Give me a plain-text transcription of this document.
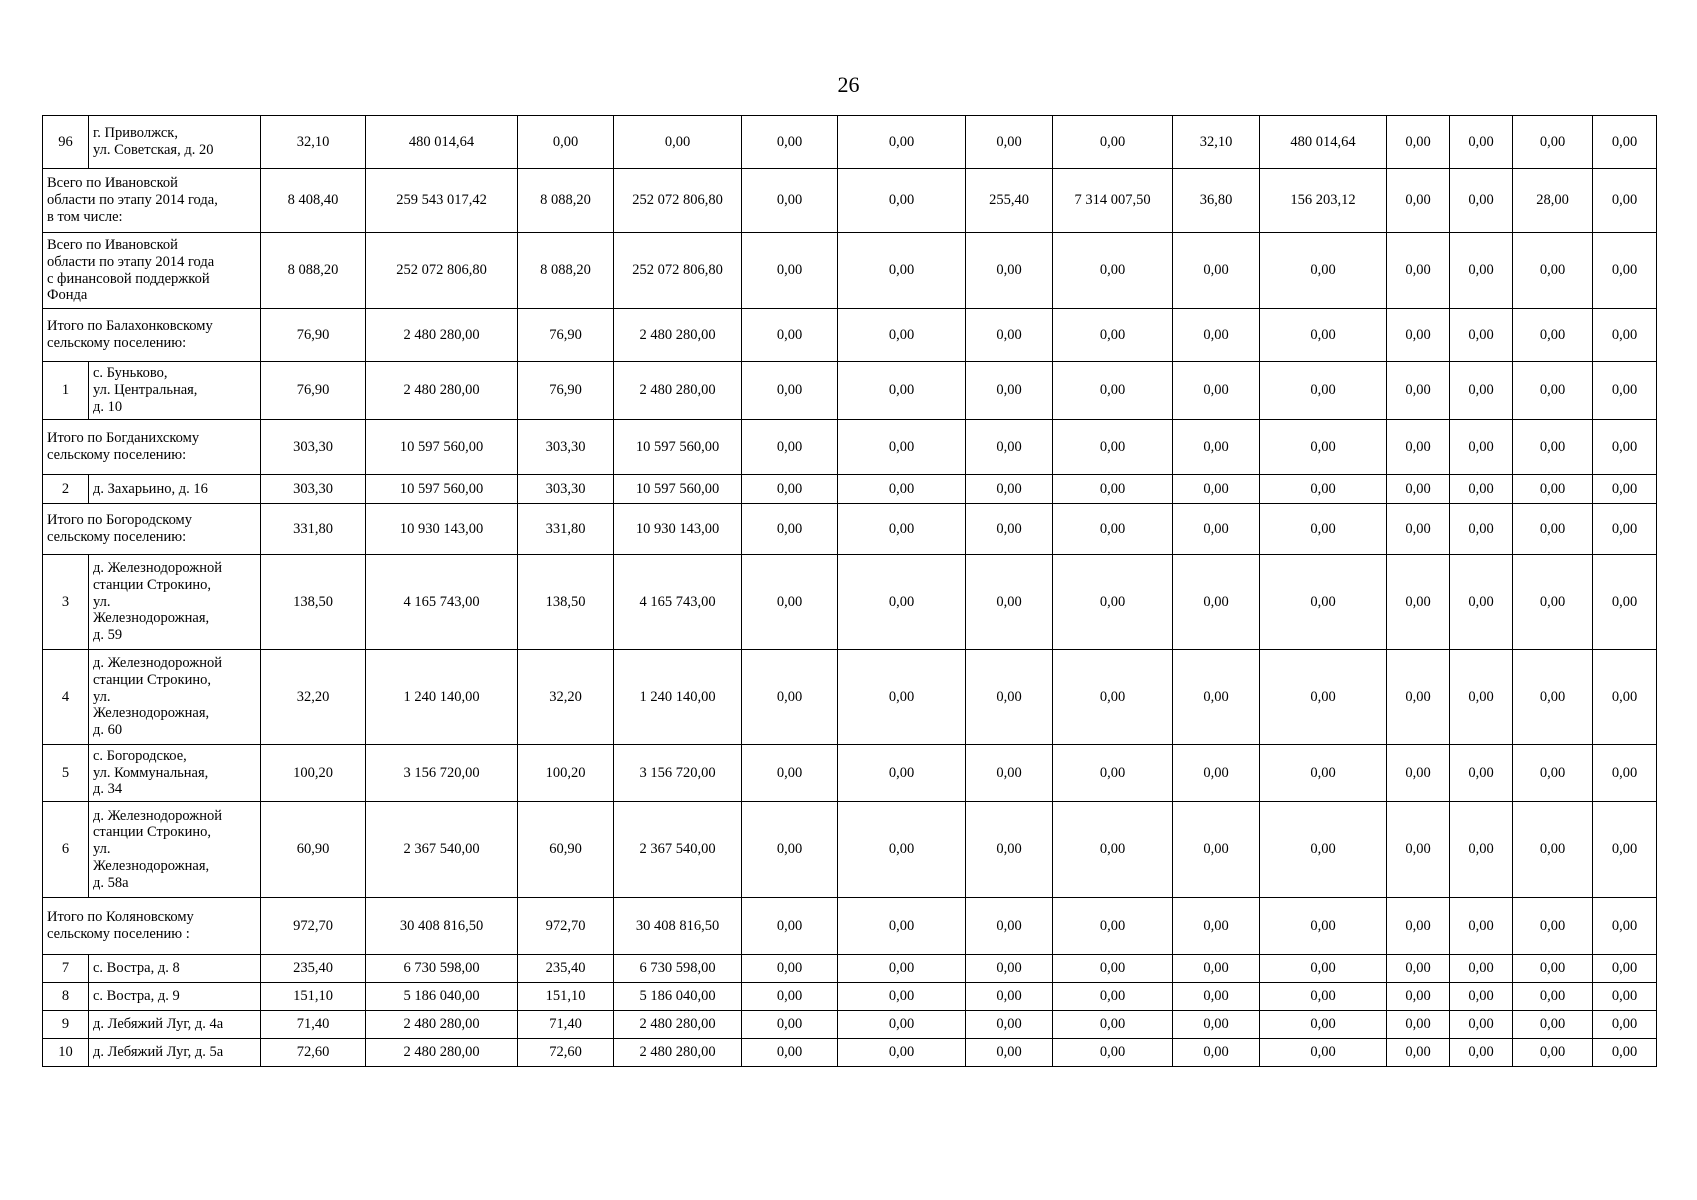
26
96	г. Приволжск,
ул. Советская, д. 20	32,10	480 014,64	0,00	0,00	0,00	0,00	0,00	0,00	32,10	480 014,64	0,00	0,00	0,00	0,00
Всего по Ивановской
области по этапу 2014 года,
в том числе:		8 408,40	259 543 017,42	8 088,20	252 072 806,80	0,00	0,00	255,40	7 314 007,50	36,80	156 203,12	0,00	0,00	28,00	0,00
Всего по Ивановской
области по этапу 2014 года
с финансовой поддержкой
Фонда		8 088,20	252 072 806,80	8 088,20	252 072 806,80	0,00	0,00	0,00	0,00	0,00	0,00	0,00	0,00	0,00	0,00
Итого по Балахонковскому
сельскому поселению:		76,90	2 480 280,00	76,90	2 480 280,00	0,00	0,00	0,00	0,00	0,00	0,00	0,00	0,00	0,00	0,00
1	с. Буньково,
ул. Центральная,
д. 10	76,90	2 480 280,00	76,90	2 480 280,00	0,00	0,00	0,00	0,00	0,00	0,00	0,00	0,00	0,00	0,00
Итого по Богданихскому
сельскому поселению:		303,30	10 597 560,00	303,30	10 597 560,00	0,00	0,00	0,00	0,00	0,00	0,00	0,00	0,00	0,00	0,00
2	д. Захарьино, д. 16	303,30	10 597 560,00	303,30	10 597 560,00	0,00	0,00	0,00	0,00	0,00	0,00	0,00	0,00	0,00	0,00
Итого по Богородскому
сельскому поселению:		331,80	10 930 143,00	331,80	10 930 143,00	0,00	0,00	0,00	0,00	0,00	0,00	0,00	0,00	0,00	0,00
3	д. Железнодорожной
станции Строкино,
ул.
Железнодорожная,
д. 59	138,50	4 165 743,00	138,50	4 165 743,00	0,00	0,00	0,00	0,00	0,00	0,00	0,00	0,00	0,00	0,00
4	д. Железнодорожной
станции Строкино,
ул.
Железнодорожная,
д. 60	32,20	1 240 140,00	32,20	1 240 140,00	0,00	0,00	0,00	0,00	0,00	0,00	0,00	0,00	0,00	0,00
5	с. Богородское,
ул. Коммунальная,
д. 34	100,20	3 156 720,00	100,20	3 156 720,00	0,00	0,00	0,00	0,00	0,00	0,00	0,00	0,00	0,00	0,00
6	д. Железнодорожной
станции Строкино,
ул.
Железнодорожная,
д. 58а	60,90	2 367 540,00	60,90	2 367 540,00	0,00	0,00	0,00	0,00	0,00	0,00	0,00	0,00	0,00	0,00
Итого по Коляновскому
сельскому поселению :		972,70	30 408 816,50	972,70	30 408 816,50	0,00	0,00	0,00	0,00	0,00	0,00	0,00	0,00	0,00	0,00
7	с. Востра, д. 8	235,40	6 730 598,00	235,40	6 730 598,00	0,00	0,00	0,00	0,00	0,00	0,00	0,00	0,00	0,00	0,00
8	с. Востра, д. 9	151,10	5 186 040,00	151,10	5 186 040,00	0,00	0,00	0,00	0,00	0,00	0,00	0,00	0,00	0,00	0,00
9	д. Лебяжий Луг, д. 4а	71,40	2 480 280,00	71,40	2 480 280,00	0,00	0,00	0,00	0,00	0,00	0,00	0,00	0,00	0,00	0,00
10	д. Лебяжий Луг, д. 5а	72,60	2 480 280,00	72,60	2 480 280,00	0,00	0,00	0,00	0,00	0,00	0,00	0,00	0,00	0,00	0,00
